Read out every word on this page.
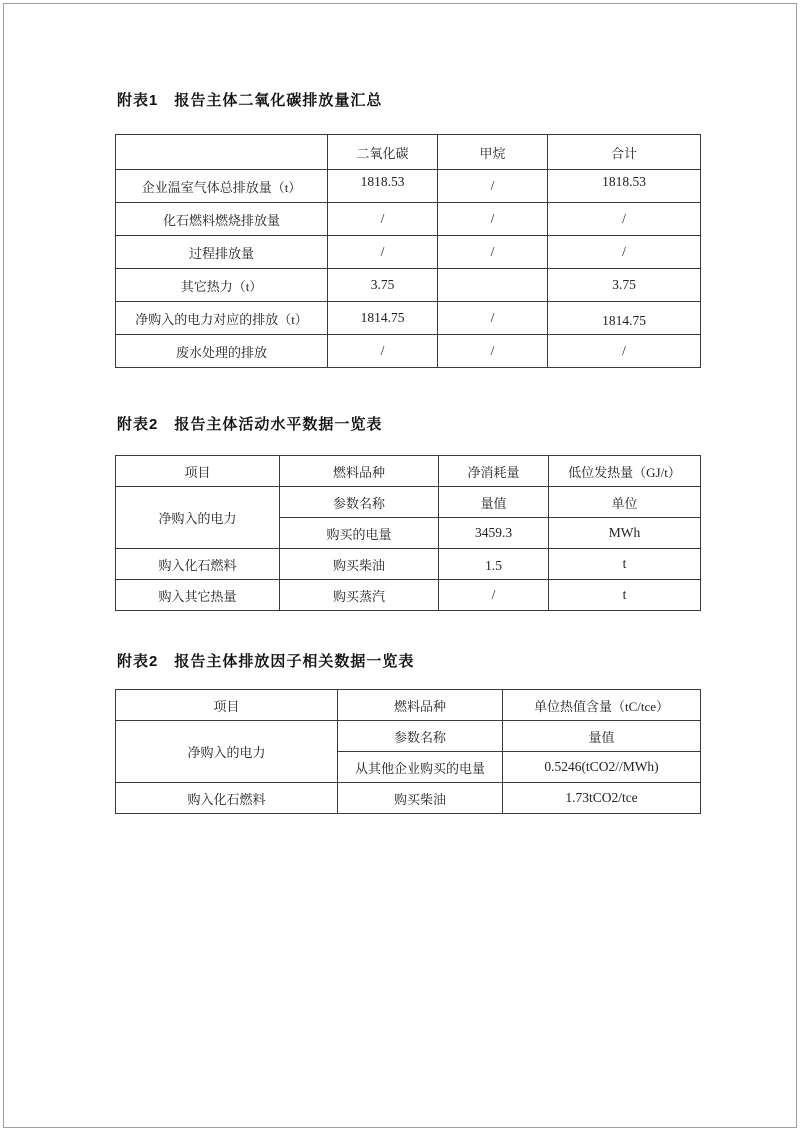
附表1　报告主体二氧化碳排放量汇总
	二氧化碳	甲烷	合计
企业温室气体总排放量（t）	1818.53	/	1818.53
化石燃料燃烧排放量	/	/	/
过程排放量	/	/	/
其它热力（t）	3.75		3.75
净购入的电力对应的排放（t）	1814.75	/	1814.75
废水处理的排放	/	/	/
附表2　报告主体活动水平数据一览表
项目	燃料品种	净消耗量	低位发热量（GJ/t）
净购入的电力	参数名称	量值	单位
	购买的电量	3459.3	MWh
购入化石燃料	购买柴油	1.5	t
购入其它热量	购买蒸汽	/	t
附表2　报告主体排放因子相关数据一览表
项目	燃料品种	单位热值含量（tC/tce）
净购入的电力	参数名称	量值
	从其他企业购买的电量	0.5246(tCO2//MWh)
购入化石燃料	购买柴油	1.73tCO2/tce
